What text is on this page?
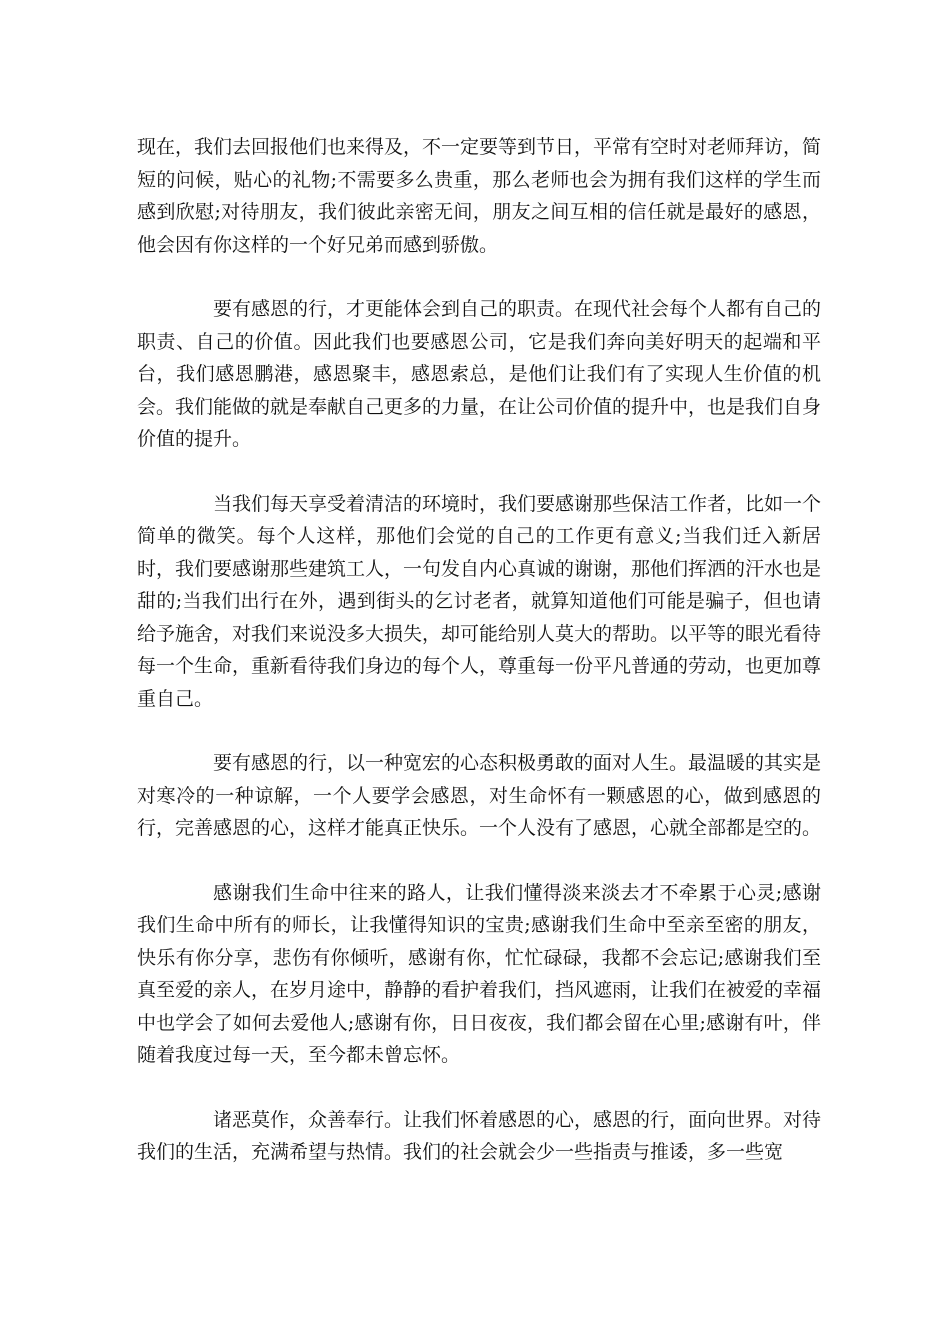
现在，我们去回报他们也来得及，不一定要等到节日，平常有空时对老师拜访，简短的问候，贴心的礼物;不需要多么贵重，那么老师也会为拥有我们这样的学生而感到欣慰;对待朋友，我们彼此亲密无间，朋友之间互相的信任就是最好的感恩，他会因有你这样的一个好兄弟而感到骄傲。

要有感恩的行，才更能体会到自己的职责。在现代社会每个人都有自己的职责、自己的价值。因此我们也要感恩公司，它是我们奔向美好明天的起端和平台，我们感恩鹏港，感恩聚丰，感恩索总，是他们让我们有了实现人生价值的机会。我们能做的就是奉献自己更多的力量，在让公司价值的提升中，也是我们自身价值的提升。

当我们每天享受着清洁的环境时，我们要感谢那些保洁工作者，比如一个简单的微笑。每个人这样，那他们会觉的自己的工作更有意义;当我们迁入新居时，我们要感谢那些建筑工人，一句发自内心真诚的谢谢，那他们挥洒的汗水也是甜的;当我们出行在外，遇到街头的乞讨老者，就算知道他们可能是骗子，但也请给予施舍，对我们来说没多大损失，却可能给别人莫大的帮助。以平等的眼光看待每一个生命，重新看待我们身边的每个人，尊重每一份平凡普通的劳动，也更加尊重自己。

要有感恩的行，以一种宽宏的心态积极勇敢的面对人生。最温暖的其实是对寒冷的一种谅解，一个人要学会感恩，对生命怀有一颗感恩的心，做到感恩的行，完善感恩的心，这样才能真正快乐。一个人没有了感恩，心就全部都是空的。

感谢我们生命中往来的路人，让我们懂得淡来淡去才不牵累于心灵;感谢我们生命中所有的师长，让我懂得知识的宝贵;感谢我们生命中至亲至密的朋友，快乐有你分享，悲伤有你倾听，感谢有你，忙忙碌碌，我都不会忘记;感谢我们至真至爱的亲人，在岁月途中，静静的看护着我们，挡风遮雨，让我们在被爱的幸福中也学会了如何去爱他人;感谢有你，日日夜夜，我们都会留在心里;感谢有叶，伴随着我度过每一天，至今都未曾忘怀。

诸恶莫作，众善奉行。让我们怀着感恩的心，感恩的行，面向世界。对待我们的生活，充满希望与热情。我们的社会就会少一些指责与推诿，多一些宽
